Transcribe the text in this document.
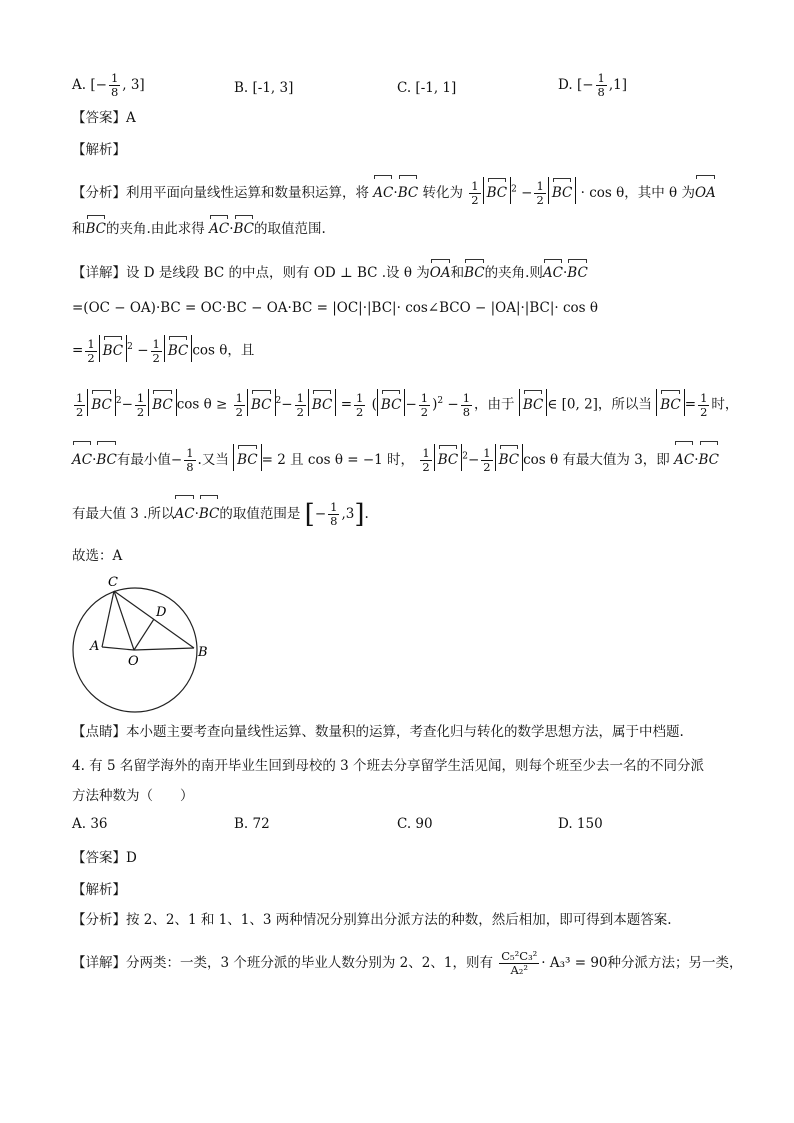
A. [− $\frac{1}{8}$ , 3]	B. [-1, 3]	C. [-1, 1]	D. [− $\frac{1}{8} ,1$]
【答案】A
【解析】
【分析】利用平面向量线性运算和数量积运算，将 AC·BC 转化为 $\frac{1}{2}$ BC $^2 - \frac{1}{2}$ BC · cos θ，其中 θ 为OA
和BC的夹角.由此求得 AC·BC的取值范围.
【详解】设 D 是线段 BC 的中点，则有 OD ⊥ BC .设 θ 为OA和BC的夹角.则AC·BC
=(OC − OA)·BC = OC·BC − OA·BC = |OC|·|BC|· cos∠BCO − |OA|·|BC|· cos θ
= $\frac{1}{2}$ BC $^2 - \frac{1}{2}$ BC cos θ，且
$\frac{1}{2}$ BC $^2- \frac{1}{2}$ BC $\cos \theta \ge \frac{1}{2}$ BC $^2- \frac{1}{2}$ BC = $\frac{1}{2}$ ( BC − $\frac{1}{2} )^2 - \frac{1}{8}$ ，由于 BC ∈ [0, 2]，所以当 BC = $\frac{1}{2}$ 时，
AC·BC有最小值− $\frac{1}{8}$ .又当 BC = 2 且 cos θ = −1 时， $\frac{1}{2}$ BC $^2- \frac{1}{2}$ BC cos θ 有最大值为 3，即 AC·BC
有最大值 3 .所以AC·BC的取值范围是 [− $\frac{1}{8} ,3$].
故选：A
C
D
A
O
B
【点睛】本小题主要考查向量线性运算、数量积的运算，考查化归与转化的数学思想方法，属于中档题.
4. 有 5 名留学海外的南开毕业生回到母校的 3 个班去分享留学生活见闻，则每个班至少去一名的不同分派
方法种数为（　　）
A. 36	B. 72	C. 90	D. 150
【答案】D
【解析】
【分析】按 2、2、1 和 1、1、3 两种情况分别算出分派方法的种数，然后相加，即可得到本题答案.
【详解】分两类：一类，3 个班分派的毕业人数分别为 2、2、1，则有 $\frac{\text{C₅²C₃²}}{\text{A₂²}} \cdot A_3^3 = 90$种分派方法；另一类，
